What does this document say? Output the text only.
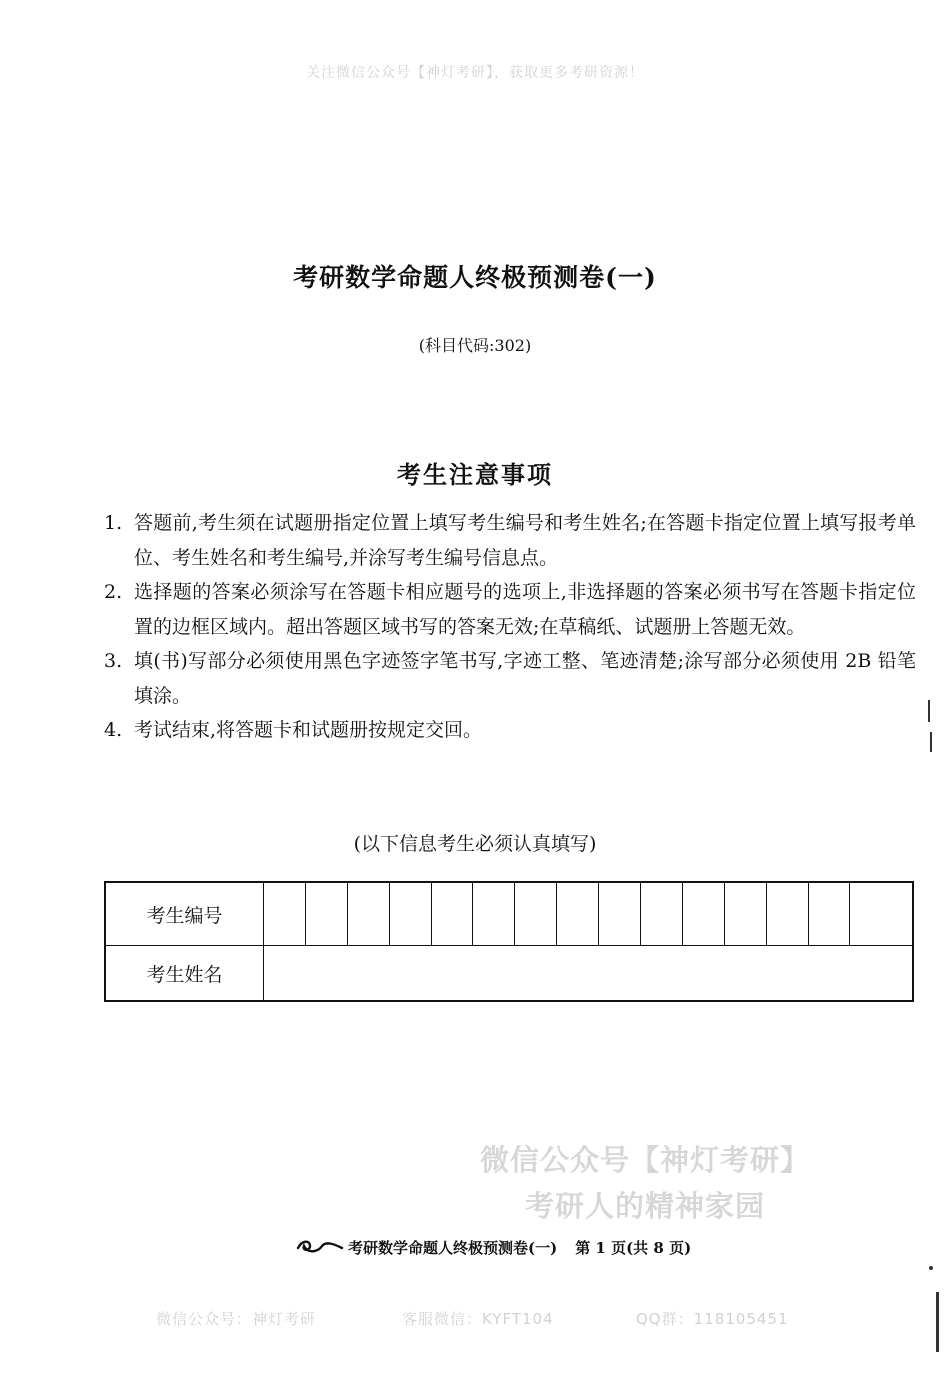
关注微信公众号【神灯考研】，获取更多考研资源！
考研数学命题人终极预测卷(一)
(科目代码:302)
考生注意事项
1. 答题前,考生须在试题册指定位置上填写考生编号和考生姓名;在答题卡指定位置上填写报考单位、考生姓名和考生编号,并涂写考生编号信息点。
2. 选择题的答案必须涂写在答题卡相应题号的选项上,非选择题的答案必须书写在答题卡指定位置的边框区域内。超出答题区域书写的答案无效;在草稿纸、试题册上答题无效。
3. 填(书)写部分必须使用黑色字迹签字笔书写,字迹工整、笔迹清楚;涂写部分必须使用 2B 铅笔填涂。
4. 考试结束,将答题卡和试题册按规定交回。
(以下信息考生必须认真填写)
考生编号															
考生姓名															
微信公众号【神灯考研】
考研人的精神家园
考研数学命题人终极预测卷(一) 第 1 页(共 8 页)
微信公众号：神灯考研	客服微信：KYFT104	QQ群：118105451
